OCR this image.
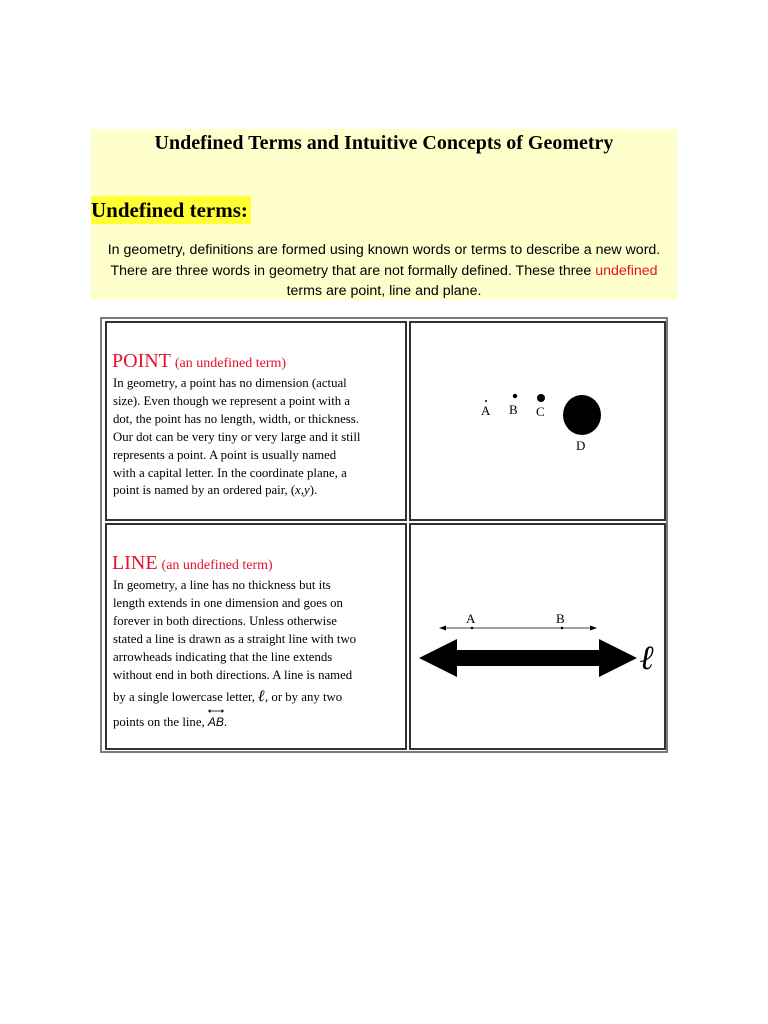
Undefined Terms and Intuitive Concepts of Geometry
Undefined terms:
In geometry, definitions are formed using known words or terms to describe a new word. There are three words in geometry that are not formally defined. These three undefined terms are point, line and plane.
POINT (an undefined term)
In geometry, a point has no dimension (actual
size). Even though we represent a point with a
dot, the point has no length, width, or thickness.
Our dot can be very tiny or very large and it still
represents a point. A point is usually named
with a capital letter. In the coordinate plane, a
point is named by an ordered pair, (x,y).
A B C
D
LINE (an undefined term)
In geometry, a line has no thickness but its
length extends in one dimension and goes on
forever in both directions. Unless otherwise
stated a line is drawn as a straight line with two
arrowheads indicating that the line extends
without end in both directions. A line is named
by a single lowercase letter, ℓ, or by any two
points on the line,
AB.
A	B
ℓ
